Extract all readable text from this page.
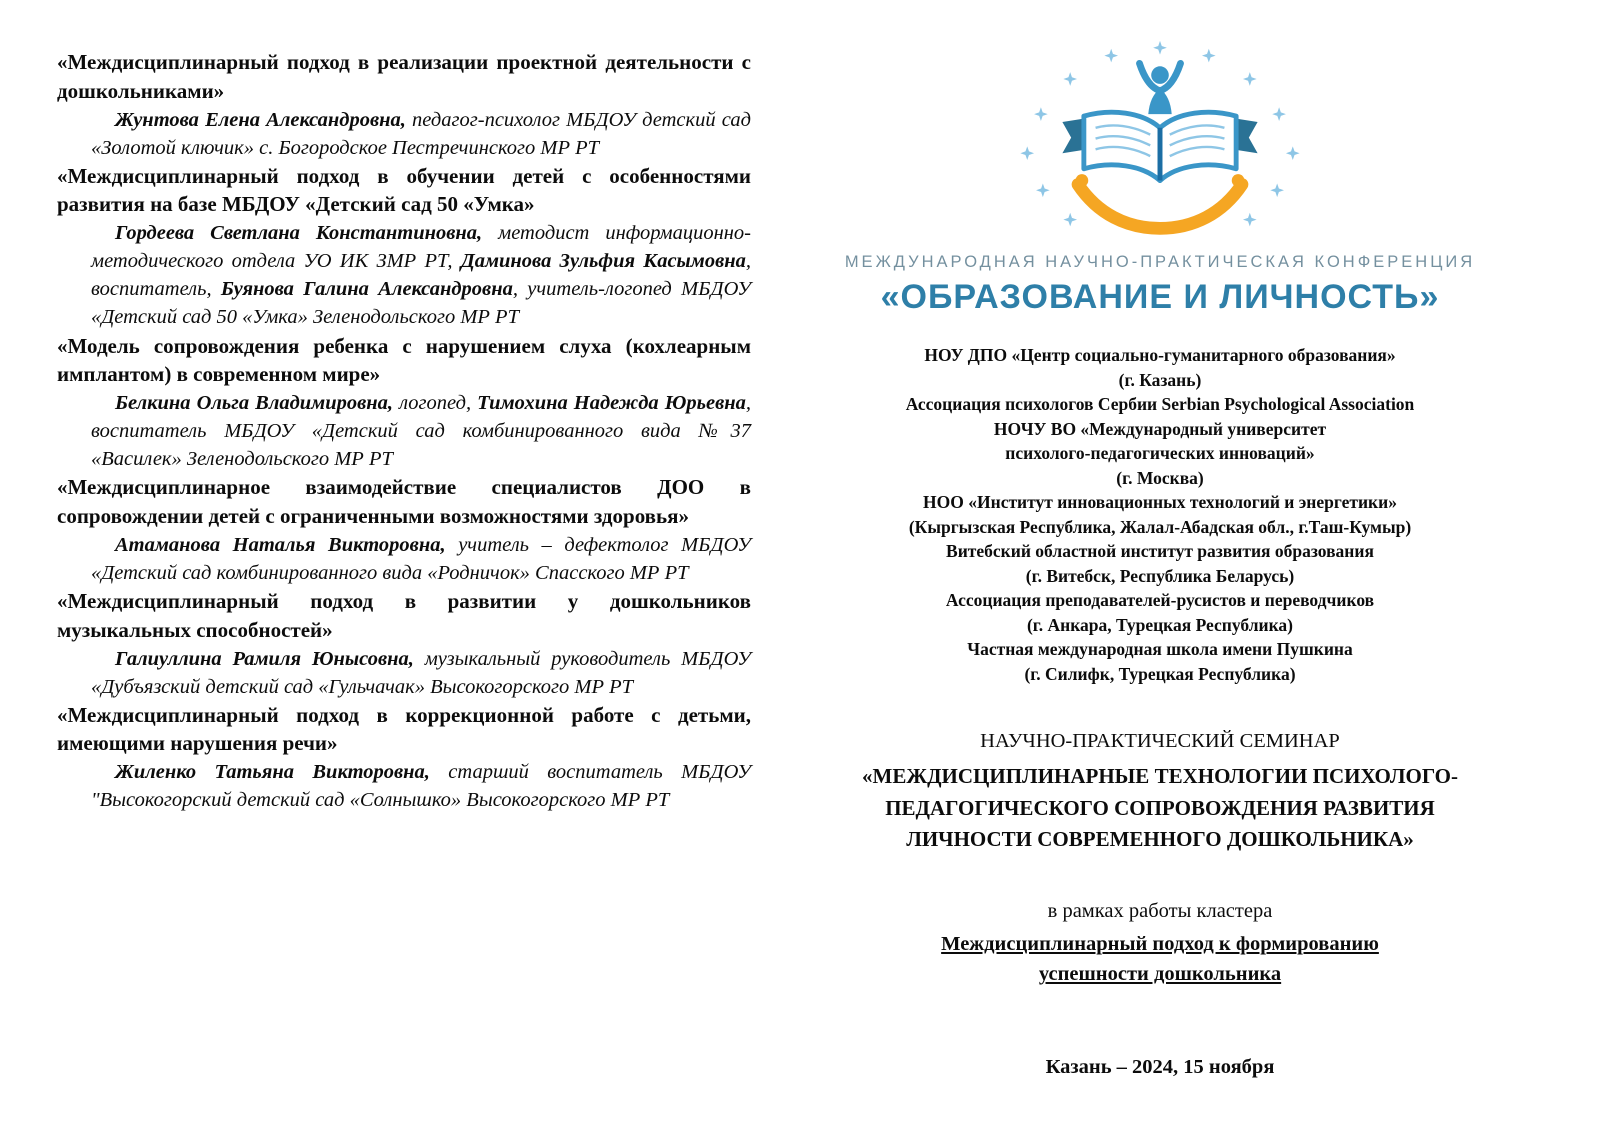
«Междисциплинарный подход в реализации проектной деятельности с дошкольниками»

Жунтова Елена Александровна, педагог-психолог МБДОУ детский сад «Золотой ключик» с. Богородское Пестречинского МР РТ

«Междисциплинарный подход в обучении детей с особенностями развития на базе МБДОУ «Детский сад 50 «Умка»

Гордеева Светлана Константиновна, методист информационно-методического отдела УО ИК ЗМР РТ, Даминова Зульфия Касымовна, воспитатель, Буянова Галина Александровна, учитель-логопед МБДОУ «Детский сад 50 «Умка» Зеленодольского МР РТ

«Модель сопровождения ребенка с нарушением слуха (кохлеарным имплантом) в современном мире»

Белкина Ольга Владимировна, логопед, Тимохина Надежда Юрьевна, воспитатель МБДОУ «Детский сад комбинированного вида №37 «Василек» Зеленодольского МР РТ

«Междисциплинарное взаимодействие специалистов ДОО в сопровождении детей с ограниченными возможностями здоровья»

Атаманова Наталья Викторовна, учитель – дефектолог МБДОУ «Детский сад комбинированного вида «Родничок» Спасского МР РТ

«Междисциплинарный подход в развитии у дошкольников музыкальных способностей»

Галиуллина Рамиля Юнысовна, музыкальный руководитель МБДОУ «Дубъязский детский сад «Гульчачак» Высокогорского МР РТ

«Междисциплинарный подход в коррекционной работе с детьми, имеющими нарушения речи»

Жиленко Татьяна Викторовна, старший воспитатель МБДОУ "Высокогорский детский сад «Солнышко» Высокогорского МР РТ

МЕЖДУНАРОДНАЯ НАУЧНО-ПРАКТИЧЕСКАЯ КОНФЕРЕНЦИЯ
«ОБРАЗОВАНИЕ И ЛИЧНОСТЬ»
НОУ ДПО «Центр социально-гуманитарного образования»
(г. Казань)
Ассоциация психологов Сербии Serbian Psychological Association
НОЧУ ВО «Международный университет
психолого-педагогических инноваций»
(г. Москва)
НОО «Институт инновационных технологий и энергетики»
(Кыргызская Республика, Жалал-Абадская обл., г.Таш-Кумыр)
Витебский областной институт развития образования
(г. Витебск, Республика Беларусь)
Ассоциация преподавателей-русистов и переводчиков
(г. Анкара, Турецкая Республика)
Частная международная школа имени Пушкина
(г. Силифк, Турецкая Республика)
НАУЧНО-ПРАКТИЧЕСКИЙ СЕМИНАР
«МЕЖДИСЦИПЛИНАРНЫЕ ТЕХНОЛОГИИ ПСИХОЛОГО-ПЕДАГОГИЧЕСКОГО СОПРОВОЖДЕНИЯ РАЗВИТИЯ ЛИЧНОСТИ СОВРЕМЕННОГО ДОШКОЛЬНИКА»
в рамках работы кластера
Междисциплинарный подход к формированию успешности дошкольника
Казань – 2024, 15 ноября
